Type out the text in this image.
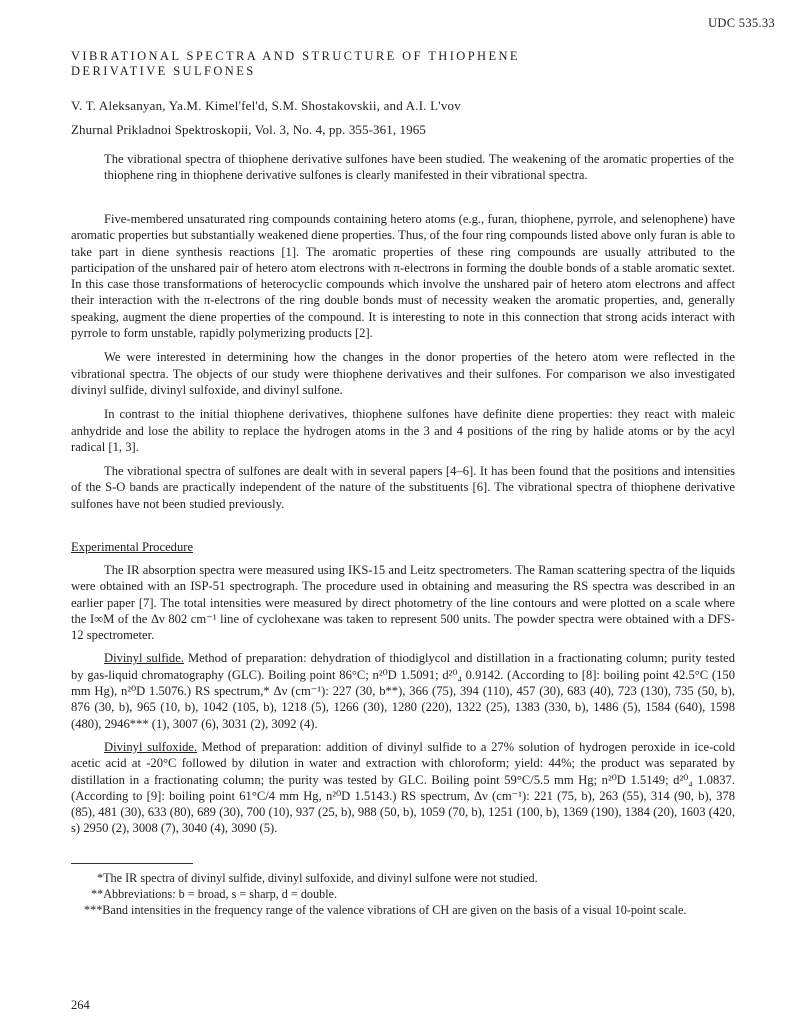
UDC 535.33
VIBRATIONAL SPECTRA AND STRUCTURE OF THIOPHENE
DERIVATIVE SULFONES
V. T. Aleksanyan, Ya.M. Kimel'fel'd, S.M. Shostakovskii, and A.I. L'vov
Zhurnal Prikladnoi Spektroskopii, Vol. 3, No. 4, pp. 355-361, 1965
The vibrational spectra of thiophene derivative sulfones have been studied. The weakening of the aromatic properties of the thiophene ring in thiophene derivative sulfones is clearly manifested in their vibrational spectra.

Five-membered unsaturated ring compounds containing hetero atoms (e.g., furan, thiophene, pyrrole, and selenophene) have aromatic properties but substantially weakened diene properties. Thus, of the four ring compounds listed above only furan is able to take part in diene synthesis reactions [1]. The aromatic properties of these ring compounds are usually attributed to the participation of the unshared pair of hetero atom electrons with π-electrons in forming the double bonds of a stable aromatic sextet. In this case those transformations of heterocyclic compounds which involve the unshared pair of hetero atom electrons and affect their interaction with the π-electrons of the ring double bonds must of necessity weaken the aromatic properties, and, generally speaking, augment the diene properties of the compound. It is interesting to note in this connection that strong acids interact with pyrrole to form unstable, rapidly polymerizing products [2].

We were interested in determining how the changes in the donor properties of the hetero atom were reflected in the vibrational spectra. The objects of our study were thiophene derivatives and their sulfones. For comparison we also investigated divinyl sulfide, divinyl sulfoxide, and divinyl sulfone.

In contrast to the initial thiophene derivatives, thiophene sulfones have definite diene properties: they react with maleic anhydride and lose the ability to replace the hydrogen atoms in the 3 and 4 positions of the ring by halide atoms or by the acyl radical [1, 3].

The vibrational spectra of sulfones are dealt with in several papers [4–6]. It has been found that the positions and intensities of the S-O bands are practically independent of the nature of the substituents [6]. The vibrational spectra of thiophene derivative sulfones have not been studied previously.

Experimental Procedure

The IR absorption spectra were measured using IKS-15 and Leitz spectrometers. The Raman scattering spectra of the liquids were obtained with an ISP-51 spectrograph. The procedure used in obtaining and measuring the RS spectra was described in an earlier paper [7]. The total intensities were measured by direct photometry of the line contours and were plotted on a scale where the I∞M of the Δν 802 cm⁻¹ line of cyclohexane was taken to represent 500 units. The powder spectra were obtained with a DFS-12 spectrometer.

Divinyl sulfide. Method of preparation: dehydration of thiodiglycol and distillation in a fractionating column; purity tested by gas-liquid chromatography (GLC). Boiling point 86°C; n²⁰D 1.5091; d²⁰₄ 0.9142. (According to [8]: boiling point 42.5°C (150 mm Hg), n²⁰D 1.5076.) RS spectrum,* Δν (cm⁻¹): 227 (30, b**), 366 (75), 394 (110), 457 (30), 683 (40), 723 (130), 735 (50, b), 876 (30, b), 965 (10, b), 1042 (105, b), 1218 (5), 1266 (30), 1280 (220), 1322 (25), 1383 (330, b), 1486 (5), 1584 (640), 1598 (480), 2946*** (1), 3007 (6), 3031 (2), 3092 (4).

Divinyl sulfoxide. Method of preparation: addition of divinyl sulfide to a 27% solution of hydrogen peroxide in ice-cold acetic acid at -20°C followed by dilution in water and extraction with chloroform; yield: 44%; the product was separated by distillation in a fractionating column; the purity was tested by GLC. Boiling point 59°C/5.5 mm Hg; n²⁰D 1.5149; d²⁰₄ 1.0837. (According to [9]: boiling point 61°C/4 mm Hg, n²⁰D 1.5143.) RS spectrum, Δν (cm⁻¹): 221 (75, b), 263 (55), 314 (90, b), 378 (85), 481 (30), 633 (80), 689 (30), 700 (10), 937 (25, b), 988 (50, b), 1059 (70, b), 1251 (100, b), 1369 (190), 1384 (20), 1603 (420, s) 2950 (2), 3008 (7), 3040 (4), 3090 (5).

*The IR spectra of divinyl sulfide, divinyl sulfoxide, and divinyl sulfone were not studied.

**Abbreviations: b = broad, s = sharp, d = double.

***Band intensities in the frequency range of the valence vibrations of CH are given on the basis of a visual 10-point scale.

264
